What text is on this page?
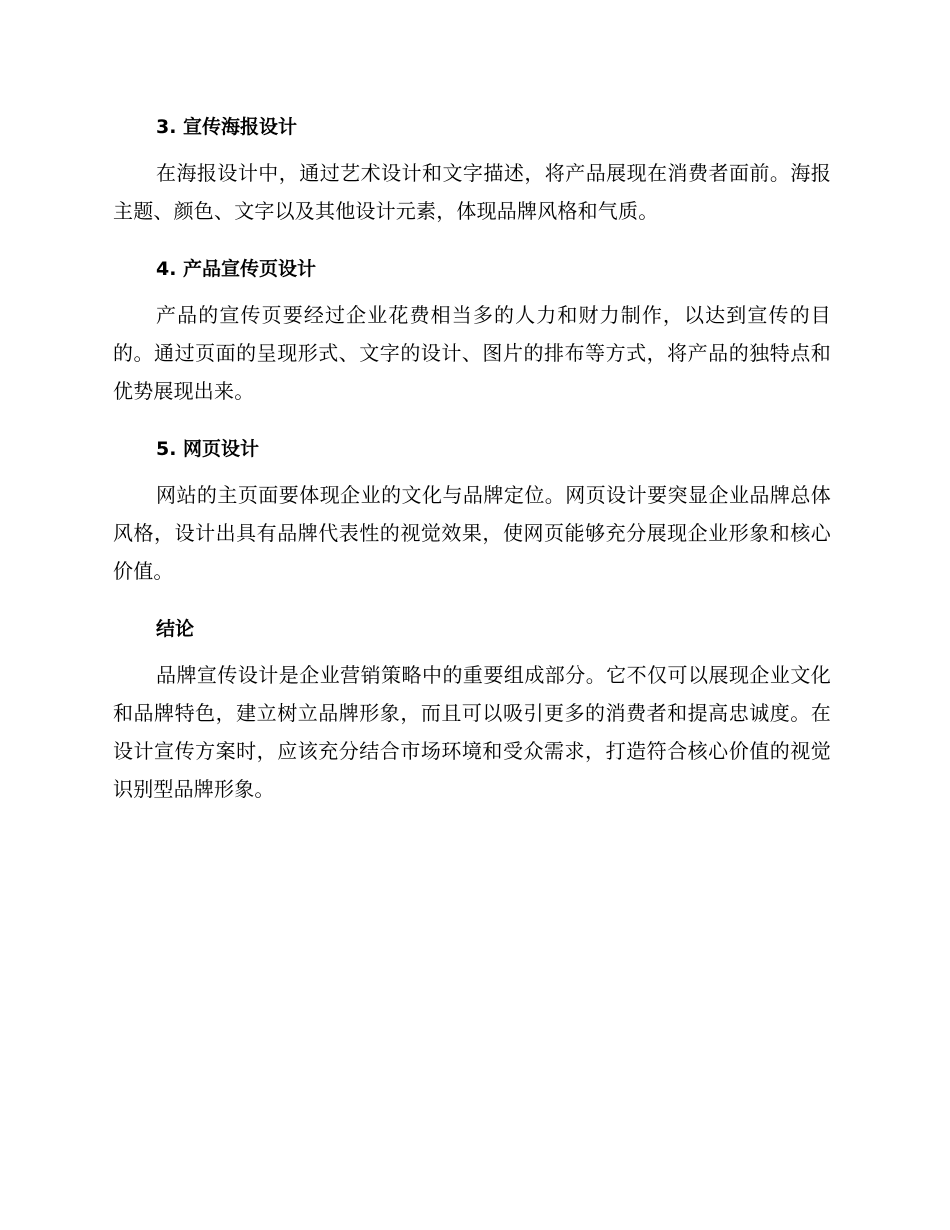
3. 宣传海报设计

在海报设计中，通过艺术设计和文字描述，将产品展现在消费者面前。海报主题、颜色、文字以及其他设计元素，体现品牌风格和气质。

4. 产品宣传页设计

产品的宣传页要经过企业花费相当多的人力和财力制作，以达到宣传的目的。通过页面的呈现形式、文字的设计、图片的排布等方式，将产品的独特点和优势展现出来。

5. 网页设计

网站的主页面要体现企业的文化与品牌定位。网页设计要突显企业品牌总体风格，设计出具有品牌代表性的视觉效果，使网页能够充分展现企业形象和核心价值。

结论

品牌宣传设计是企业营销策略中的重要组成部分。它不仅可以展现企业文化和品牌特色，建立树立品牌形象，而且可以吸引更多的消费者和提高忠诚度。在设计宣传方案时，应该充分结合市场环境和受众需求，打造符合核心价值的视觉识别型品牌形象。
